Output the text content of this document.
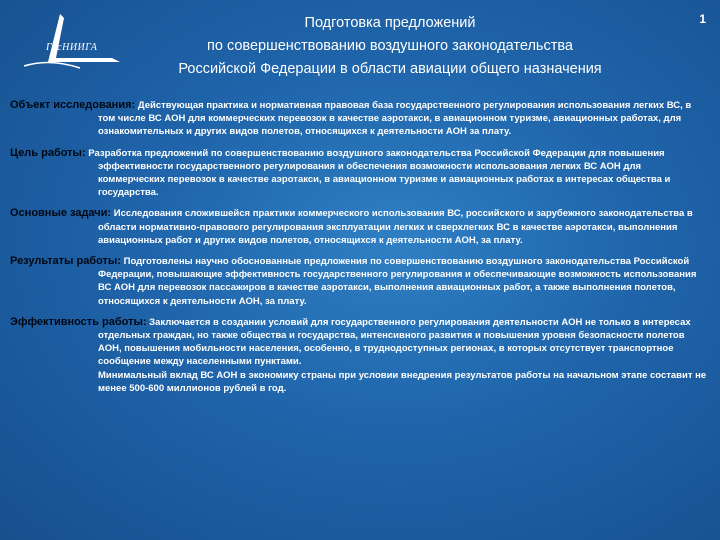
ГосНИИГА
1
Подготовка предложений
по совершенствованию воздушного законодательства
Российской Федерации в области авиации общего назначения
Объект исследования: Действующая практика и нормативная правовая база государственного регулирования использования легких ВС, в том числе ВС АОН для коммерческих перевозок в качестве аэротакси, в авиационном туризме, авиационных работах, для ознакомительных и других видов полетов, относящихся к деятельности АОН за плату.
Цель работы: Разработка предложений по совершенствованию воздушного законодательства Российской Федерации для повышения эффективности государственного регулирования и обеспечения возможности использования легких ВС АОН для коммерческих перевозок в качестве аэротакси, в авиационном туризме и авиационных работах в интересах общества и государства.
Основные задачи: Исследования сложившейся практики коммерческого использования ВС, российского и зарубежного законодательства в области нормативно-правового регулирования эксплуатации легких и сверхлегких ВС в качестве аэротакси, выполнения авиационных работ и других видов полетов, относящихся к деятельности АОН, за плату.
Результаты работы: Подготовлены научно обоснованные предложения по совершенствованию воздушного законодательства Российской Федерации, повышающие эффективность государственного регулирования и обеспечивающие возможность использования ВС АОН для перевозок пассажиров в качестве аэротакси, выполнения авиационных работ, а также выполнения полетов, относящихся к деятельности АОН, за плату.
Эффективность работы: Заключается в создании условий для государственного регулирования деятельности АОН не только в интересах отдельных граждан, но также общества и государства, интенсивного развития и повышения уровня безопасности полетов АОН, повышения мобильности населения, особенно, в труднодоступных регионах, в которых отсутствует транспортное сообщение между населенными пунктами.
Минимальный вклад ВС АОН в экономику страны при условии внедрения результатов работы на начальном этапе составит не менее 500-600 миллионов рублей в год.
